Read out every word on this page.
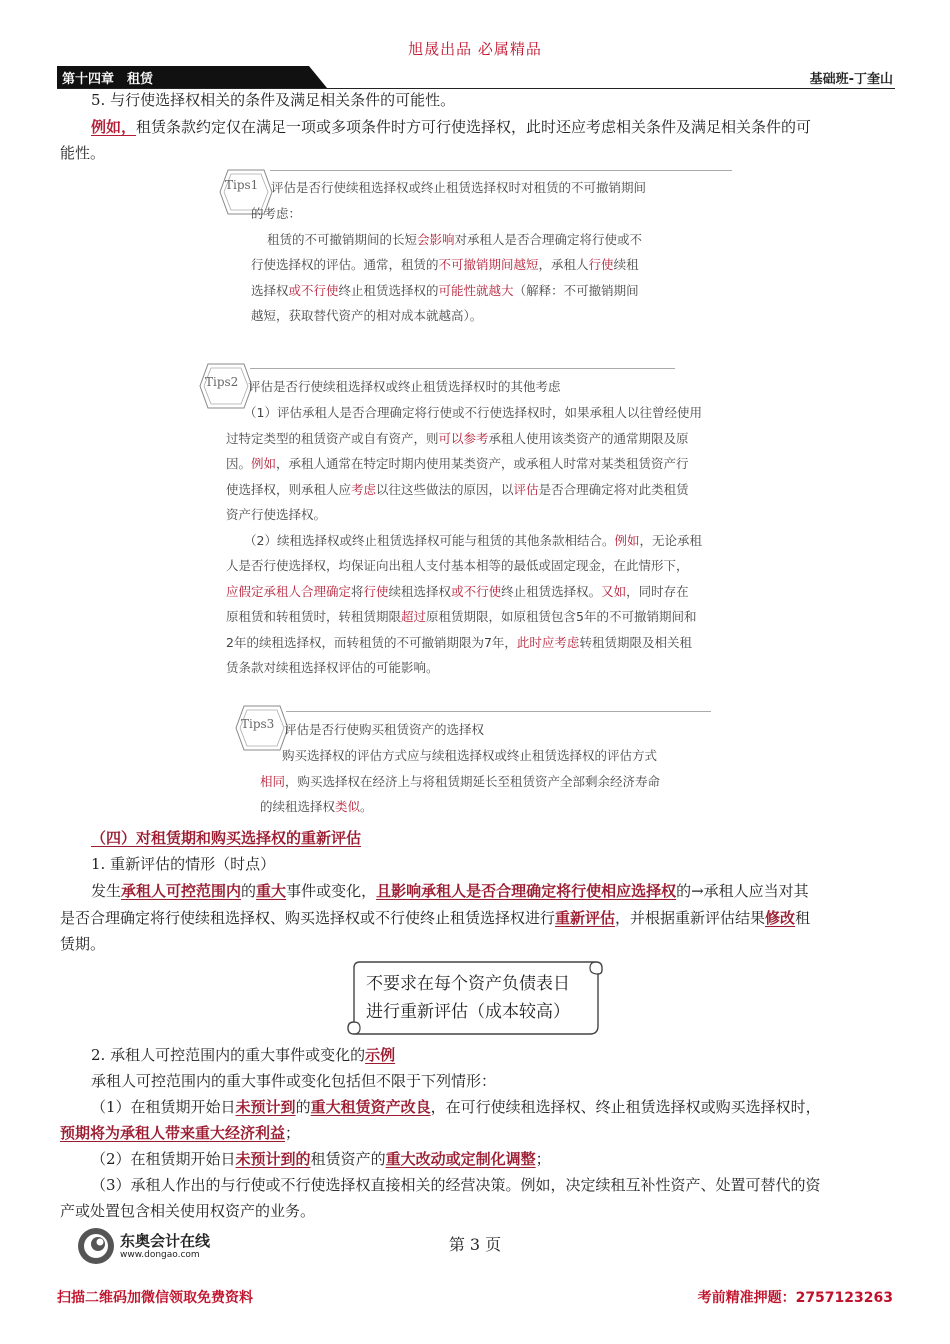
旭晟出品 必属精品
第十四章　租赁	基础班-丁奎山
5. 与行使选择权相关的条件及满足相关条件的可能性。
例如，租赁条款约定仅在满足一项或多项条件时方可行使选择权，此时还应考虑相关条件及满足相关条件的可
能性。
Tips1 评估是否行使续租选择权或终止租赁选择权时对租赁的不可撤销期间
的考虑：
租赁的不可撤销期间的长短会影响对承租人是否合理确定将行使或不
行使选择权的评估。通常，租赁的不可撤销期间越短，承租人行使续租
选择权或不行使终止租赁选择权的可能性就越大（解释：不可撤销期间
越短，获取替代资产的相对成本就越高）。
Tips2 评估是否行使续租选择权或终止租赁选择权时的其他考虑
（1）评估承租人是否合理确定将行使或不行使选择权时，如果承租人以往曾经使用
过特定类型的租赁资产或自有资产，则可以参考承租人使用该类资产的通常期限及原
因。例如，承租人通常在特定时期内使用某类资产，或承租人时常对某类租赁资产行
使选择权，则承租人应考虑以往这些做法的原因，以评估是否合理确定将对此类租赁
资产行使选择权。
（2）续租选择权或终止租赁选择权可能与租赁的其他条款相结合。例如，无论承租
人是否行使选择权，均保证向出租人支付基本相等的最低或固定现金，在此情形下，
应假定承租人合理确定将行使续租选择权或不行使终止租赁选择权。又如，同时存在
原租赁和转租赁时，转租赁期限超过原租赁期限，如原租赁包含5年的不可撤销期间和
2年的续租选择权，而转租赁的不可撤销期限为7年，此时应考虑转租赁期限及相关租
赁条款对续租选择权评估的可能影响。
Tips3 评估是否行使购买租赁资产的选择权
购买选择权的评估方式应与续租选择权或终止租赁选择权的评估方式
相同，购买选择权在经济上与将租赁期延长至租赁资产全部剩余经济寿命
的续租选择权类似。
（四）对租赁期和购买选择权的重新评估
1. 重新评估的情形（时点）
发生承租人可控范围内的重大事件或变化，且影响承租人是否合理确定将行使相应选择权的→承租人应当对其
是否合理确定将行使续租选择权、购买选择权或不行使终止租赁选择权进行重新评估，并根据重新评估结果修改租
赁期。
不要求在每个资产负债表日
进行重新评估（成本较高）
2. 承租人可控范围内的重大事件或变化的示例
承租人可控范围内的重大事件或变化包括但不限于下列情形：
（1）在租赁期开始日未预计到的重大租赁资产改良，在可行使续租选择权、终止租赁选择权或购买选择权时，
预期将为承租人带来重大经济利益；
（2）在租赁期开始日未预计到的租赁资产的重大改动或定制化调整；
（3）承租人作出的与行使或不行使选择权直接相关的经营决策。例如，决定续租互补性资产、处置可替代的资
产或处置包含相关使用权资产的业务。
东奥会计在线
www.dongao.com
第 3 页
扫描二维码加微信领取免费资料	考前精准押题：2757123263
